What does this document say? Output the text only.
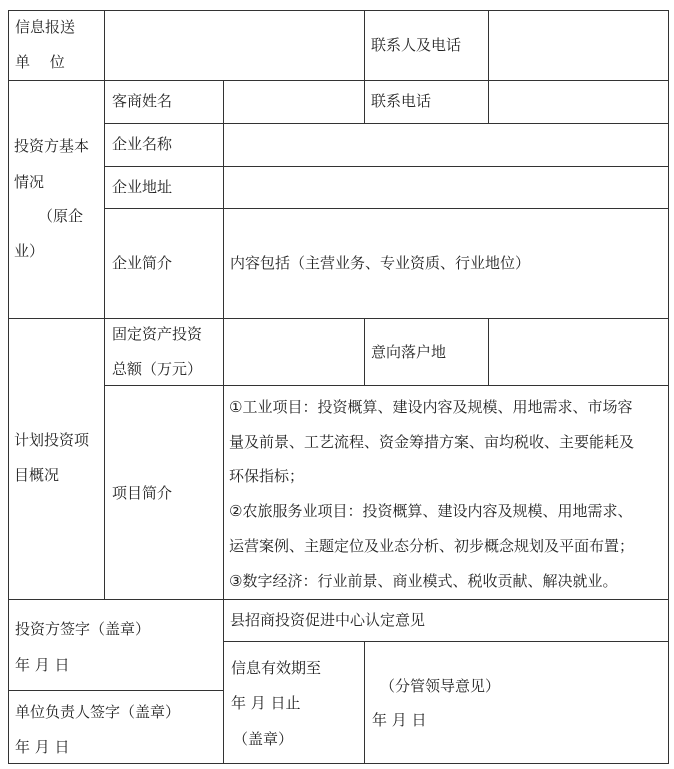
信息报送
单　 位
联系人及电话
投资方基本
情况
（原企
业）
客商姓名	联系电话
企业名称
企业地址
企业简介	内容包括（主营业务、专业资质、行业地位）
计划投资项
目概况
固定资产投资
总额（万元）
意向落户地
项目简介
①工业项目：投资概算、建设内容及规模、用地需求、市场容
量及前景、工艺流程、资金筹措方案、亩均税收、主要能耗及
环保指标；
②农旅服务业项目：投资概算、建设内容及规模、用地需求、
运营案例、主题定位及业态分析、初步概念规划及平面布置；
③数字经济：行业前景、商业模式、税收贡献、解决就业。
投资方签字（盖章）
年 月 日
单位负责人签字（盖章）
年 月 日
县招商投资促进中心认定意见
信息有效期至
年 月 日止
（盖章）
（分管领导意见）
年 月 日
